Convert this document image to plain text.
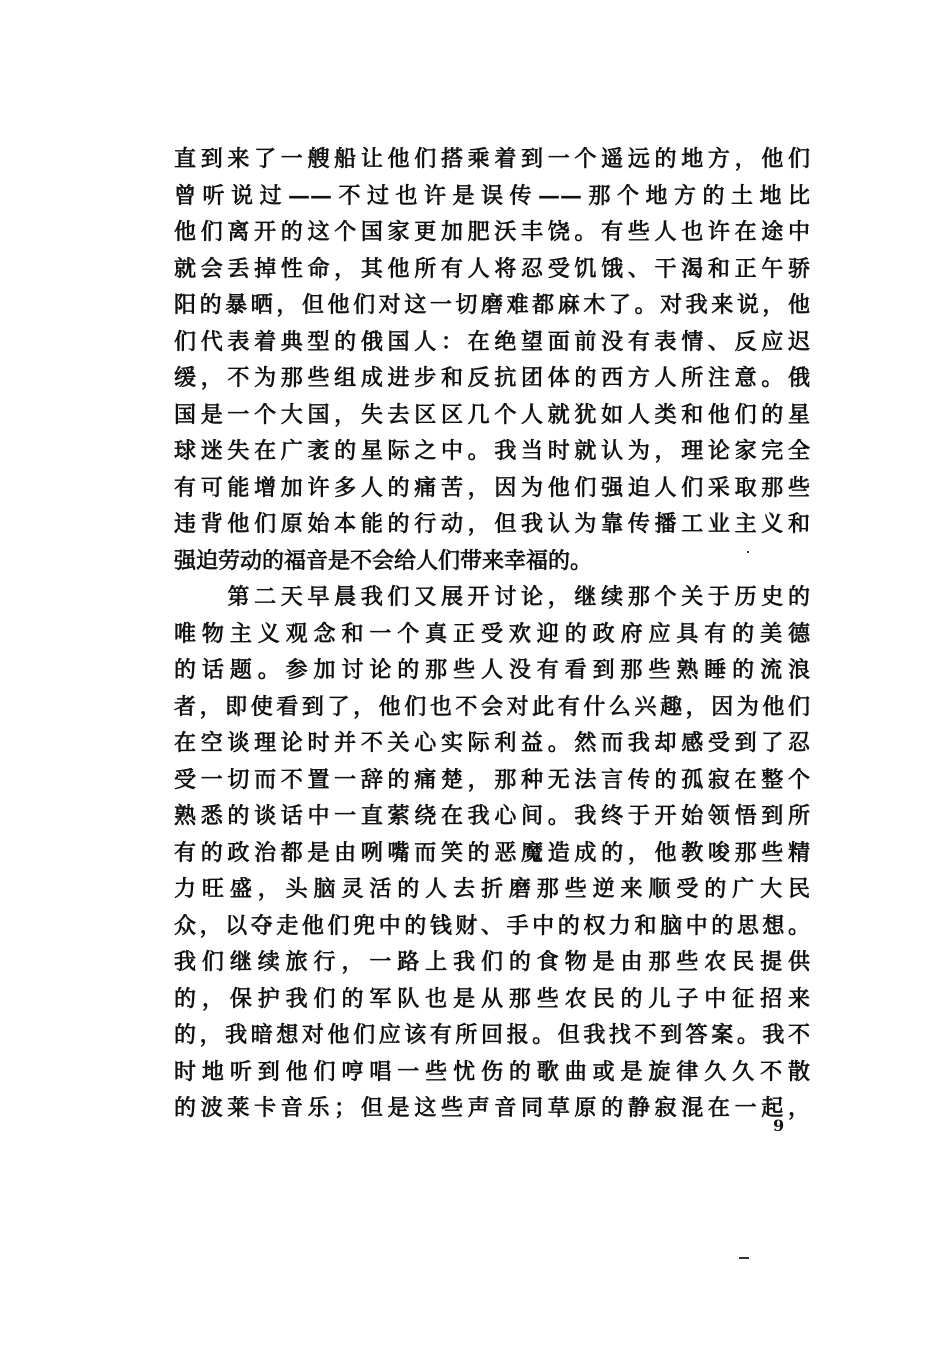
直到来了一艘船让他们搭乘着到一个遥远的地方，他们
曾听说过——不过也许是误传——那个地方的土地比
他们离开的这个国家更加肥沃丰饶。有些人也许在途中
就会丢掉性命，其他所有人将忍受饥饿、干渴和正午骄
阳的暴晒，但他们对这一切磨难都麻木了。对我来说，他
们代表着典型的俄国人：在绝望面前没有表情、反应迟
缓，不为那些组成进步和反抗团体的西方人所注意。俄
国是一个大国，失去区区几个人就犹如人类和他们的星
球迷失在广袤的星际之中。我当时就认为，理论家完全
有可能增加许多人的痛苦，因为他们强迫人们采取那些
违背他们原始本能的行动，但我认为靠传播工业主义和
强迫劳动的福音是不会给人们带来幸福的。
　　第二天早晨我们又展开讨论，继续那个关于历史的
唯物主义观念和一个真正受欢迎的政府应具有的美德
的话题。参加讨论的那些人没有看到那些熟睡的流浪
者，即使看到了，他们也不会对此有什么兴趣，因为他们
在空谈理论时并不关心实际利益。然而我却感受到了忍
受一切而不置一辞的痛楚，那种无法言传的孤寂在整个
熟悉的谈话中一直萦绕在我心间。我终于开始领悟到所
有的政治都是由咧嘴而笑的恶魔造成的，他教唆那些精
力旺盛，头脑灵活的人去折磨那些逆来顺受的广大民
众，以夺走他们兜中的钱财、手中的权力和脑中的思想。
我们继续旅行，一路上我们的食物是由那些农民提供
的，保护我们的军队也是从那些农民的儿子中征招来
的，我暗想对他们应该有所回报。但我找不到答案。我不
时地听到他们哼唱一些忧伤的歌曲或是旋律久久不散
的波莱卡音乐；但是这些声音同草原的静寂混在一起，
9
